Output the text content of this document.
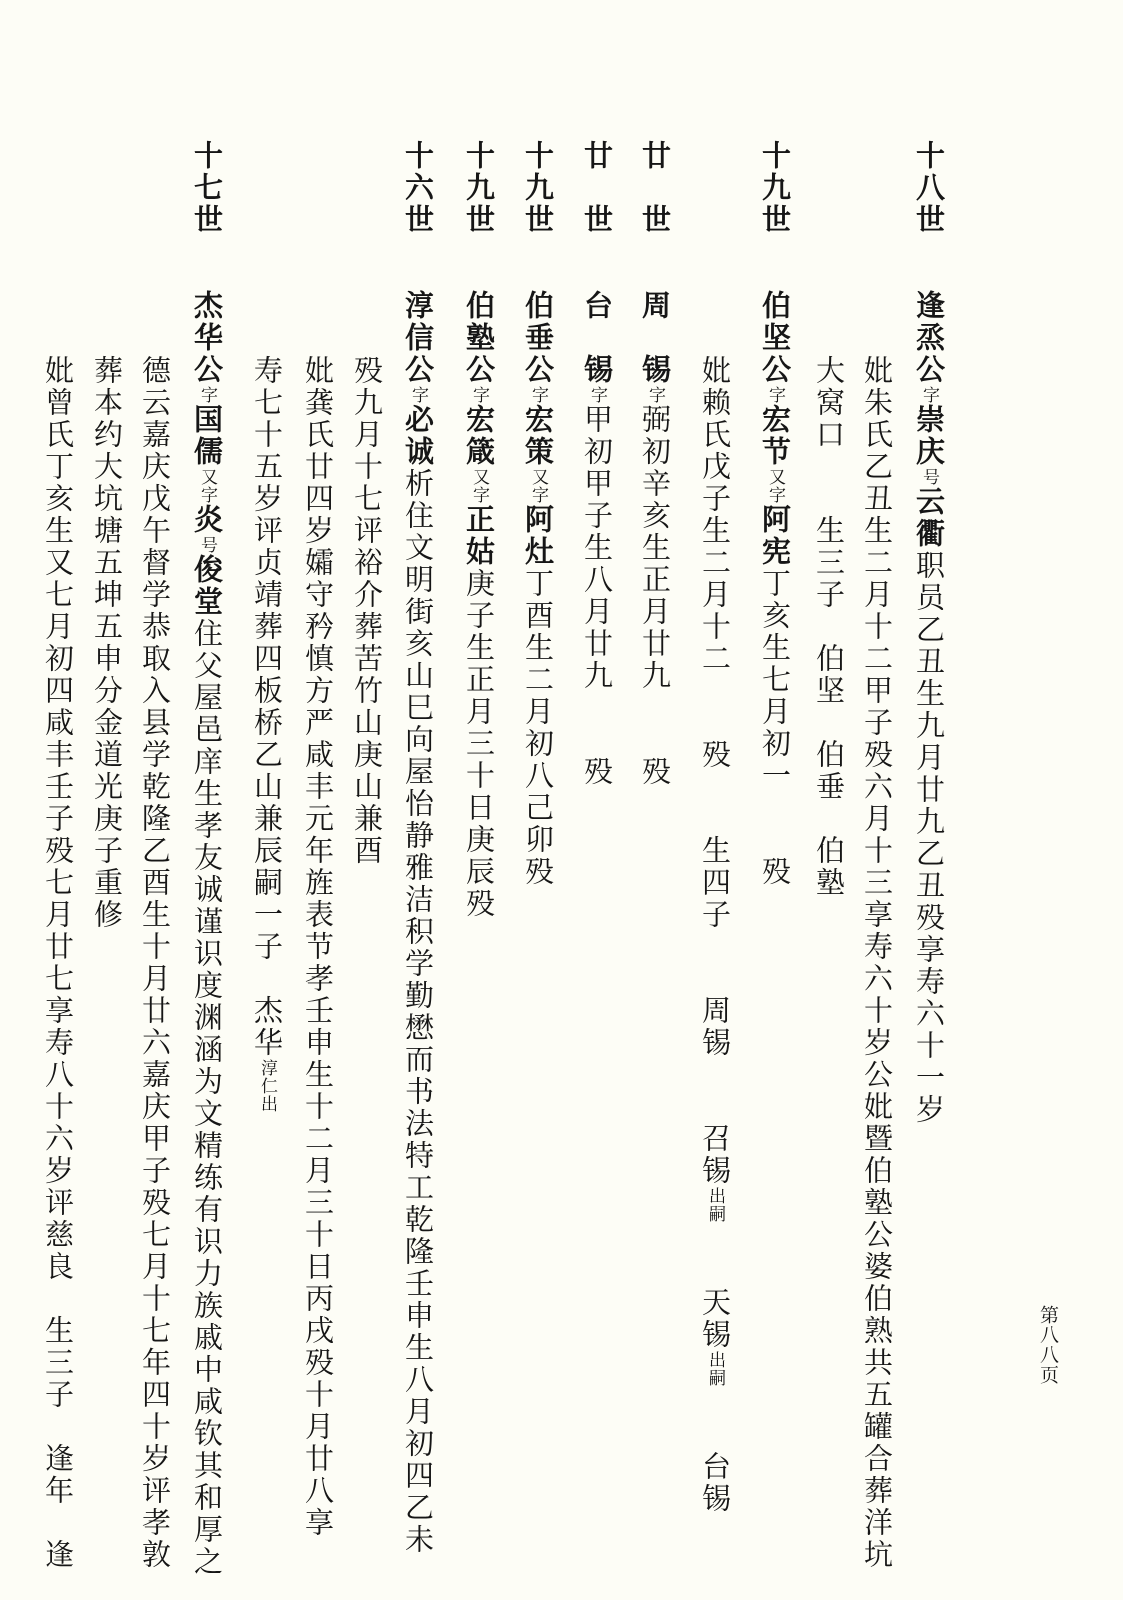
十八世逢烝公$^字$崇庆$^号$云衢职员乙丑生九月廿九乙丑殁享寿六十一岁
妣朱氏乙丑生二月十二甲子殁六月十三享寿六十岁公妣暨伯塾公婆伯熟共五罐合葬洋坑
大窝口　　生三子　伯坚　伯垂　伯塾
十九世伯坚公$^字$宏节$^{又字}$阿宪丁亥生七月初一　　殁
妣赖氏戊子生二月十二　　殁　　生四子　　周锡　　召锡$^{出嗣}$　　天锡$^{出嗣}$　　台锡
廿　世周　锡$^字$弼初辛亥生正月廿九　　殁
廿　世台　锡$^字$甲初甲子生八月廿九　　殁
十九世伯垂公$^字$宏策$^{又字}$阿灶丁酉生二月初八己卯殁
十九世伯塾公$^字$宏箴$^{又字}$正姑庚子生正月三十日庚辰殁
十六世淳信公$^字$必诚析住文明街亥山巳向屋怡静雅洁积学勤懋而书法特工乾隆壬申生八月初四乙未
殁九月十七评裕介葬苦竹山庚山兼酉
妣龚氏廿四岁孀守矜慎方严咸丰元年旌表节孝壬申生十二月三十日丙戌殁十月廿八享
寿七十五岁评贞靖葬四板桥乙山兼辰嗣一子　杰华$^{淳仁出}$
十七世杰华公$^字$国儒$^{又字}$炎$^号$俊堂住父屋邑庠生孝友诚谨识度渊涵为文精练有识力族戚中咸钦其和厚之
德云嘉庆戊午督学恭取入县学乾隆乙酉生十月廿六嘉庆甲子殁七月十七年四十岁评孝敦
葬本约大坑塘五坤五申分金道光庚子重修
妣曾氏丁亥生又七月初四咸丰壬子殁七月廿七享寿八十六岁评慈良　生三子　逢年　逢	第八八页
